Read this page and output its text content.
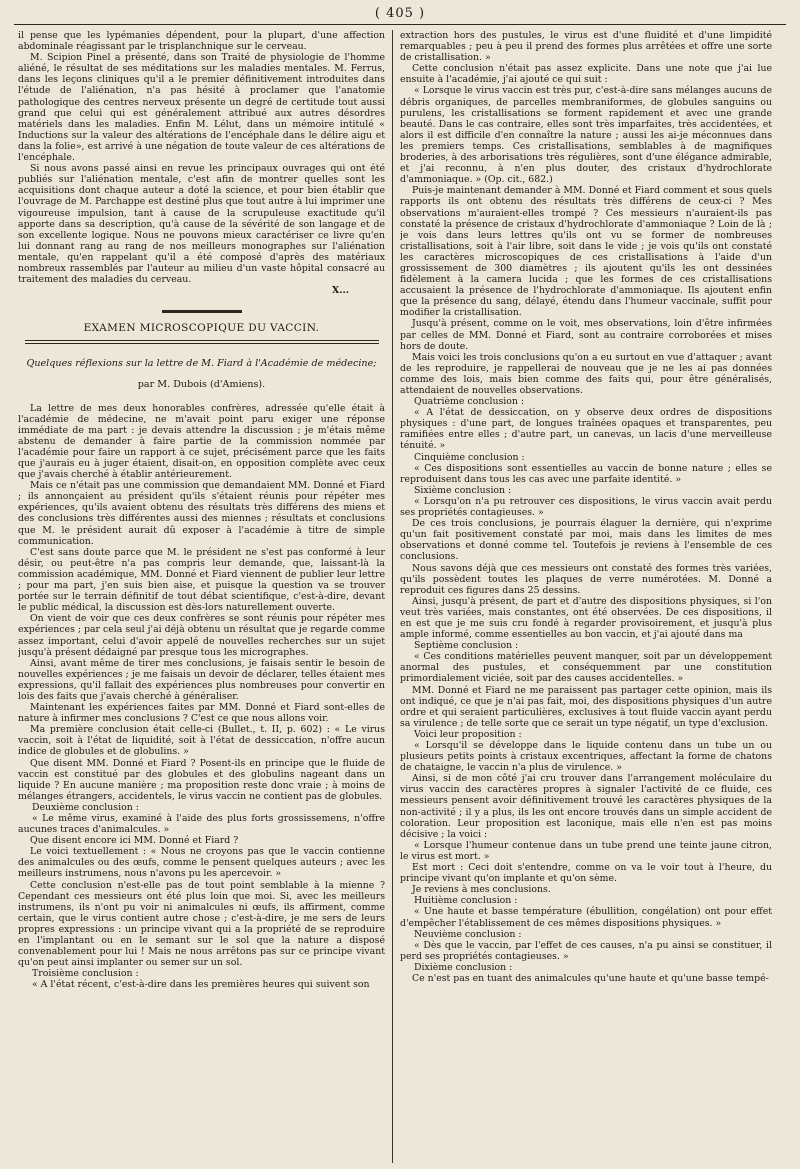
( 405 )

il pense que les lypémanies dépendent, pour la plupart, d'une affection abdominale réagissant par le trisplanchnique sur le cerveau.

M. Scipion Pinel a présenté, dans son Traité de physiologie de l'homme aliéné, le résultat de ses méditations sur les maladies mentales. M. Ferrus, dans les leçons cliniques qu'il a le premier définitivement introduites dans l'étude de l'aliénation, n'a pas hésité à proclamer que l'anatomie pathologique des centres nerveux présente un degré de certitude tout aussi grand que celui qui est généralement attribué aux autres désordres matériels dans les maladies. Enfin M. Lélut, dans un mémoire intitulé « Inductions sur la valeur des altérations de l'encéphale dans le délire aigu et dans la folie», est arrivé à une négation de toute valeur de ces altérations de l'encéphale.

Si nous avons passé ainsi en revue les principaux ouvrages qui ont été publiés sur l'aliénation mentale, c'est afin de montrer quelles sont les acquisitions dont chaque auteur a doté la science, et pour bien établir que l'ouvrage de M. Parchappe est destiné plus que tout autre à lui imprimer une vigoureuse impulsion, tant à cause de la scrupuleuse exactitude qu'il apporte dans sa description, qu'à cause de la sévérité de son langage et de son excellente logique. Nous ne pouvons mieux caractériser ce livre qu'en lui donnant rang au rang de nos meilleurs monographes sur l'aliénation mentale, qu'en rappelant qu'il a été composé d'après des matériaux nombreux rassemblés par l'auteur au milieu d'un vaste hôpital consacré au traitement des maladies du cerveau.

X...

EXAMEN MICROSCOPIQUE DU VACCIN.
Quelques réflexions sur la lettre de M. Fiard à l'Académie de médecine;
par M. Dubois (d'Amiens).

La lettre de mes deux honorables confrères, adressée qu'elle était à l'académie de médecine, ne m'avait point paru exiger une réponse immédiate de ma part : je devais attendre la discussion ; je m'étais même abstenu de demander à faire partie de la commission nommée par l'académie pour faire un rapport à ce sujet, précisément parce que les faits que j'aurais eu à juger étaient, disait-on, en opposition complète avec ceux que j'avais cherché à établir antérieurement.

Mais ce n'était pas une commission que demandaient MM. Donné et Fiard ; ils annonçaient au président qu'ils s'étaient réunis pour répéter mes expériences, qu'ils avaient obtenu des résultats très différens des miens et des conclusions très différentes aussi des miennes ; résultats et conclusions que M. le président aurait dû exposer à l'académie à titre de simple communication.

C'est sans doute parce que M. le président ne s'est pas conformé à leur désir, ou peut-être n'a pas compris leur demande, que, laissant-là la commission académique, MM. Donné et Fiard viennent de publier leur lettre ; pour ma part, j'en suis bien aise, et puisque la question va se trouver portée sur le terrain définitif de tout débat scientifique, c'est-à-dire, devant le public médical, la discussion est dès-lors naturellement ouverte.

On vient de voir que ces deux confrères se sont réunis pour répéter mes expériences ; par cela seul j'ai déjà obtenu un résultat que je regarde comme assez important, celui d'avoir appelé de nouvelles recherches sur un sujet jusqu'à présent dédaigné par presque tous les micrographes.

Ainsi, avant même de tirer mes conclusions, je faisais sentir le besoin de nouvelles expériences ; je me faisais un devoir de déclarer, telles étaient mes expressions, qu'il fallait des expériences plus nombreuses pour convertir en lois des faits que j'avais cherché à généraliser.

Maintenant les expériences faites par MM. Donné et Fiard sont-elles de nature à infirmer mes conclusions ? C'est ce que nous allons voir.

Ma première conclusion était celle-ci (Bullet., t. II, p. 602) : « Le virus vaccin, soit à l'état de liquidité, soit à l'état de dessiccation, n'offre aucun indice de globules et de globulins. »

Que disent MM. Donné et Fiard ? Posent-ils en principe que le fluide de vaccin est constitué par des globules et des globulins nageant dans un liquide ? En aucune manière ; ma proposition reste donc vraie ; à moins de mélanges étrangers, accidentels, le virus vaccin ne contient pas de globules.

Deuxième conclusion :

« Le même virus, examiné à l'aide des plus forts grossissemens, n'offre aucunes traces d'animalcules. »

Que disent encore ici MM. Donné et Fiard ?

Le voici textuellement : « Nous ne croyons pas que le vaccin contienne des animalcules ou des œufs, comme le pensent quelques auteurs ; avec les meilleurs instrumens, nous n'avons pu les apercevoir. »

Cette conclusion n'est-elle pas de tout point semblable à la mienne ? Cependant ces messieurs ont été plus loin que moi. Si, avec les meilleurs instrumens, ils n'ont pu voir ni animalcules ni œufs, ils affirment, comme certain, que le virus contient autre chose ; c'est-à-dire, je me sers de leurs propres expressions : un principe vivant qui a la propriété de se reproduire en l'implantant ou en le semant sur le sol que la nature a disposé convenablement pour lui ! Mais ne nous arrêtons pas sur ce principe vivant qu'on peut ainsi implanter ou semer sur un sol.

Troisième conclusion :

« A l'état récent, c'est-à-dire dans les premières heures qui suivent son

extraction hors des pustules, le virus est d'une fluidité et d'une limpidité remarquables ; peu à peu il prend des formes plus arrêtées et offre une sorte de cristallisation. »

Cette conclusion n'était pas assez explicite. Dans une note que j'ai lue ensuite à l'académie, j'ai ajouté ce qui suit :

« Lorsque le virus vaccin est très pur, c'est-à-dire sans mélanges aucuns de débris organiques, de parcelles membraniformes, de globules sanguins ou purulens, les cristallisations se forment rapidement et avec une grande beauté. Dans le cas contraire, elles sont très imparfaites, très accidentées, et alors il est difficile d'en connaître la nature ; aussi les ai-je méconnues dans les premiers temps. Ces cristallisations, semblables à de magnifiques broderies, à des arborisations très régulières, sont d'une élégance admirable, et j'ai reconnu, à n'en plus douter, des cristaux d'hydrochlorate d'ammoniaque. » (Op. cit., 682.)

Puis-je maintenant demander à MM. Donné et Fiard comment et sous quels rapports ils ont obtenu des résultats très différens de ceux-ci ? Mes observations m'auraient-elles trompé ? Ces messieurs n'auraient-ils pas constaté la présence de cristaux d'hydrochlorate d'ammoniaque ? Loin de là ; je vois dans leurs lettres qu'ils ont vu se former de nombreuses cristallisations, soit à l'air libre, soit dans le vide ; je vois qu'ils ont constaté les caractères microscopiques de ces cristallisations à l'aide d'un grossissement de 300 diamètres ; ils ajoutent qu'ils les ont dessinées fidèlement à la camera lucida ; que les formes de ces cristallisations accusaient la présence de l'hydrochlorate d'ammoniaque. Ils ajoutent enfin que la présence du sang, délayé, étendu dans l'humeur vaccinale, suffit pour modifier la cristallisation.

Jusqu'à présent, comme on le voit, mes observations, loin d'être infirmées par celles de MM. Donné et Fiard, sont au contraire corroborées et mises hors de doute.

Mais voici les trois conclusions qu'on a eu surtout en vue d'attaquer ; avant de les reproduire, je rappellerai de nouveau que je ne les ai pas données comme des lois, mais bien comme des faits qui, pour être généralisés, attendaient de nouvelles observations.

Quatrième conclusion :

« A l'état de dessiccation, on y observe deux ordres de dispositions physiques : d'une part, de longues traînées opaques et transparentes, peu ramifiées entre elles ; d'autre part, un canevas, un lacis d'une merveilleuse ténuité. »

Cinquième conclusion :

« Ces dispositions sont essentielles au vaccin de bonne nature ; elles se reproduisent dans tous les cas avec une parfaite identité. »

Sixième conclusion :

« Lorsqu'on n'a pu retrouver ces dispositions, le virus vaccin avait perdu ses propriétés contagieuses. »

De ces trois conclusions, je pourrais élaguer la dernière, qui n'exprime qu'un fait positivement constaté par moi, mais dans les limites de mes observations et donné comme tel. Toutefois je reviens à l'ensemble de ces conclusions.

Nous savons déjà que ces messieurs ont constaté des formes très variées, qu'ils possèdent toutes les plaques de verre numérotées. M. Donné a reproduit ces figures dans 25 dessins.

Ainsi, jusqu'à présent, de part et d'autre des dispositions physiques, si l'on veut très variées, mais constantes, ont été observées. De ces dispositions, il en est que je me suis cru fondé à regarder provisoirement, et jusqu'à plus ample informé, comme essentielles au bon vaccin, et j'ai ajouté dans ma

Septième conclusion :

« Ces conditions matérielles peuvent manquer, soit par un développement anormal des pustules, et conséquemment par une constitution primordialement viciée, soit par des causes accidentelles. »

MM. Donné et Fiard ne me paraissent pas partager cette opinion, mais ils ont indiqué, ce que je n'ai pas fait, moi, des dispositions physiques d'un autre ordre et qui seraient particulières, exclusives à tout fluide vaccin ayant perdu sa virulence ; de telle sorte que ce serait un type négatif, un type d'exclusion.

Voici leur proposition :

« Lorsqu'il se développe dans le liquide contenu dans un tube un ou plusieurs petits points à cristaux excentriques, affectant la forme de chatons de chataigne, le vaccin n'a plus de virulence. »

Ainsi, si de mon côté j'ai cru trouver dans l'arrangement moléculaire du virus vaccin des caractères propres à signaler l'activité de ce fluide, ces messieurs pensent avoir définitivement trouvé les caractères physiques de la non-activité ; il y a plus, ils les ont encore trouvés dans un simple accident de coloration. Leur proposition est laconique, mais elle n'en est pas moins décisive ; la voici :

« Lorsque l'humeur contenue dans un tube prend une teinte jaune citron, le virus est mort. »

Est mort : Ceci doit s'entendre, comme on va le voir tout à l'heure, du principe vivant qu'on implante et qu'on sème.

Je reviens à mes conclusions.

Huitième conclusion :

« Une haute et basse température (ébullition, congélation) ont pour effet d'empêcher l'établissement de ces mêmes dispositions physiques. »

Neuvième conclusion :

« Dès que le vaccin, par l'effet de ces causes, n'a pu ainsi se constituer, il perd ses propriétés contagieuses. »

Dixième conclusion :

Ce n'est pas en tuant des animalcules qu'une haute et qu'une basse tempé-
